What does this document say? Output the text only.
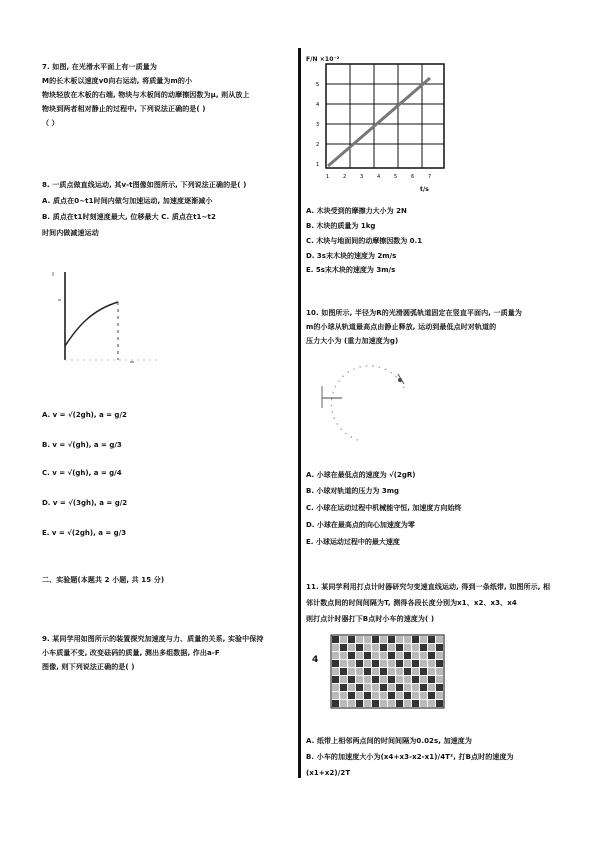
7. 如图, 在光滑水平面上有一质量为
M的长木板以速度v0向右运动, 将质量为m的小
物块轻放在木板的右端, 物块与木板间的动摩擦因数为μ, 则从放上
物块到两者相对静止的过程中, 下列说法正确的是( )
（ ）
8. 一质点做直线运动, 其v-t图像如图所示, 下列说法正确的是( )
A. 质点在0~t1时间内做匀加速运动, 加速度逐渐减小
B. 质点在t1时刻速度最大, 位移最大 C. 质点在t1~t2
时间内做减速运动
A. v = √(2gh), a = g/2
B. v = √(gh), a = g/3
C. v = √(gh), a = g/4
D. v = √(3gh), a = g/2
E. v = √(2gh), a = g/3
二、实验题(本题共 2 小题, 共 15 分)
9. 某同学用如图所示的装置探究加速度与力、质量的关系, 实验中保持
小车质量不变, 改变砝码的质量, 测出多组数据, 作出a-F
图像, 则下列说法正确的是( )
F/N ×10⁻²
5
4
3
2
1
1	2	3	4	5	6	7
t/s
A. 木块受到的摩擦力大小为 2N
B. 木块的质量为 1kg
C. 木块与地面间的动摩擦因数为 0.1
D. 3s末木块的速度为 2m/s
E. 5s末木块的速度为 3m/s
10. 如图所示, 半径为R的光滑圆弧轨道固定在竖直平面内, 一质量为
m的小球从轨道最高点由静止释放, 运动到最低点时对轨道的
压力大小为 (重力加速度为g)
A. 小球在最低点的速度为 √(2gR)
B. 小球对轨道的压力为 3mg
C. 小球在运动过程中机械能守恒, 加速度方向始终
D. 小球在最高点的向心加速度为零
E. 小球运动过程中的最大速度
11. 某同学利用打点计时器研究匀变速直线运动, 得到一条纸带, 如图所示, 相
邻计数点间的时间间隔为T, 测得各段长度分别为x1、x2、x3、x4
则打点计时器打下B点时小车的速度为( )
4
A. 纸带上相邻两点间的时间间隔为0.02s, 加速度为
B. 小车的加速度大小为(x4+x3-x2-x1)/4T², 打B点时的速度为
(x1+x2)/2T
